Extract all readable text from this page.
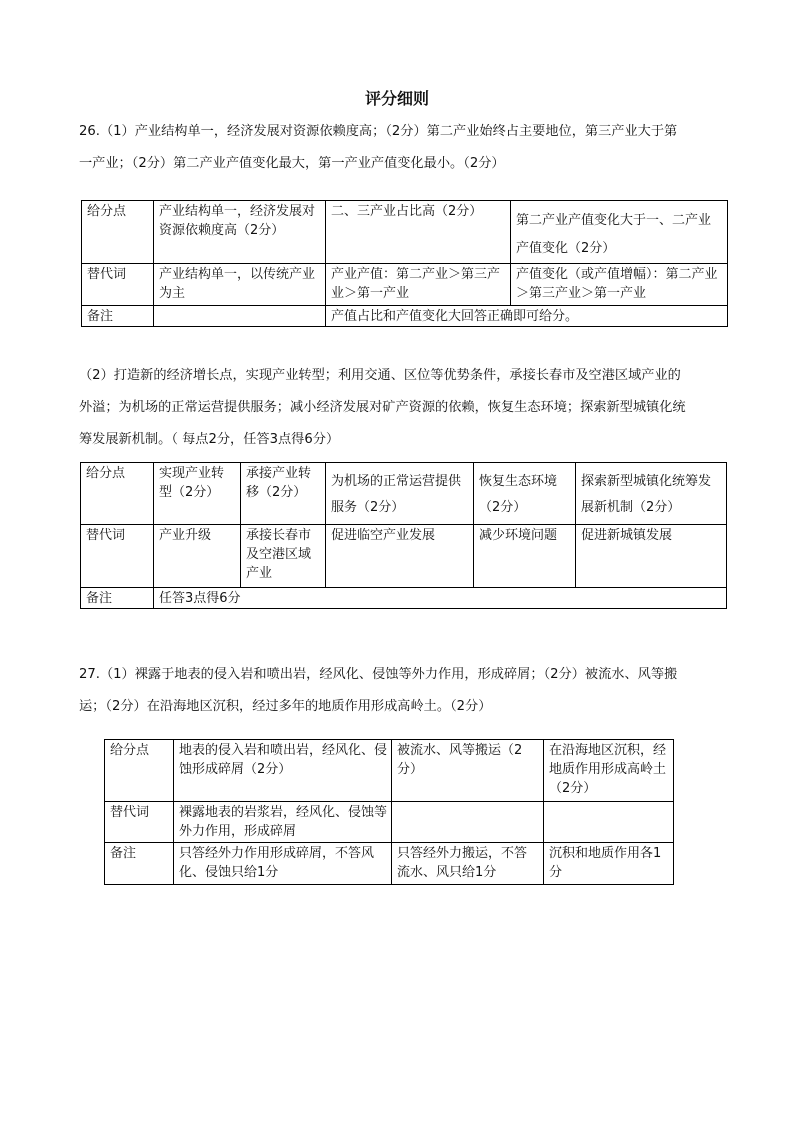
评分细则
26.（1）产业结构单一，经济发展对资源依赖度高；（2分）第二产业始终占主要地位，第三产业大于第
一产业；（2分）第二产业产值变化最大，第一产业产值变化最小。（2分）
给分点	产业结构单一，经济发展对资源依赖度高（2分）	二、三产业占比高（2分）	第二产业产值变化大于一、二产业产值变化（2分）
替代词	产业结构单一，以传统产业为主	产业产值：第二产业＞第三产业＞第一产业	产值变化（或产值增幅）：第二产业＞第三产业＞第一产业
备注		产值占比和产值变化大回答正确即可给分。	
（2）打造新的经济增长点，实现产业转型；利用交通、区位等优势条件，承接长春市及空港区域产业的
外溢；为机场的正常运营提供服务；减小经济发展对矿产资源的依赖，恢复生态环境；探索新型城镇化统
筹发展新机制。（ 每点2分，任答3点得6分）
给分点	实现产业转型（2分）	承接产业转移（2分）	为机场的正常运营提供服务（2分）	恢复生态环境（2分）	探索新型城镇化统筹发展新机制（2分）
替代词	产业升级	承接长春市及空港区域产业	促进临空产业发展	减少环境问题	促进新城镇发展
备注	任答3点得6分				
27.（1）裸露于地表的侵入岩和喷出岩，经风化、侵蚀等外力作用，形成碎屑；（2分）被流水、风等搬
运；（2分）在沿海地区沉积，经过多年的地质作用形成高岭土。（2分）
给分点	地表的侵入岩和喷出岩，经风化、侵蚀形成碎屑（2分）	被流水、风等搬运（2分）	在沿海地区沉积，经地质作用形成高岭土（2分）
替代词	裸露地表的岩浆岩，经风化、侵蚀等外力作用，形成碎屑		
备注	只答经外力作用形成碎屑，不答风化、侵蚀只给1分	只答经外力搬运，不答流水、风只给1分	沉积和地质作用各1分
